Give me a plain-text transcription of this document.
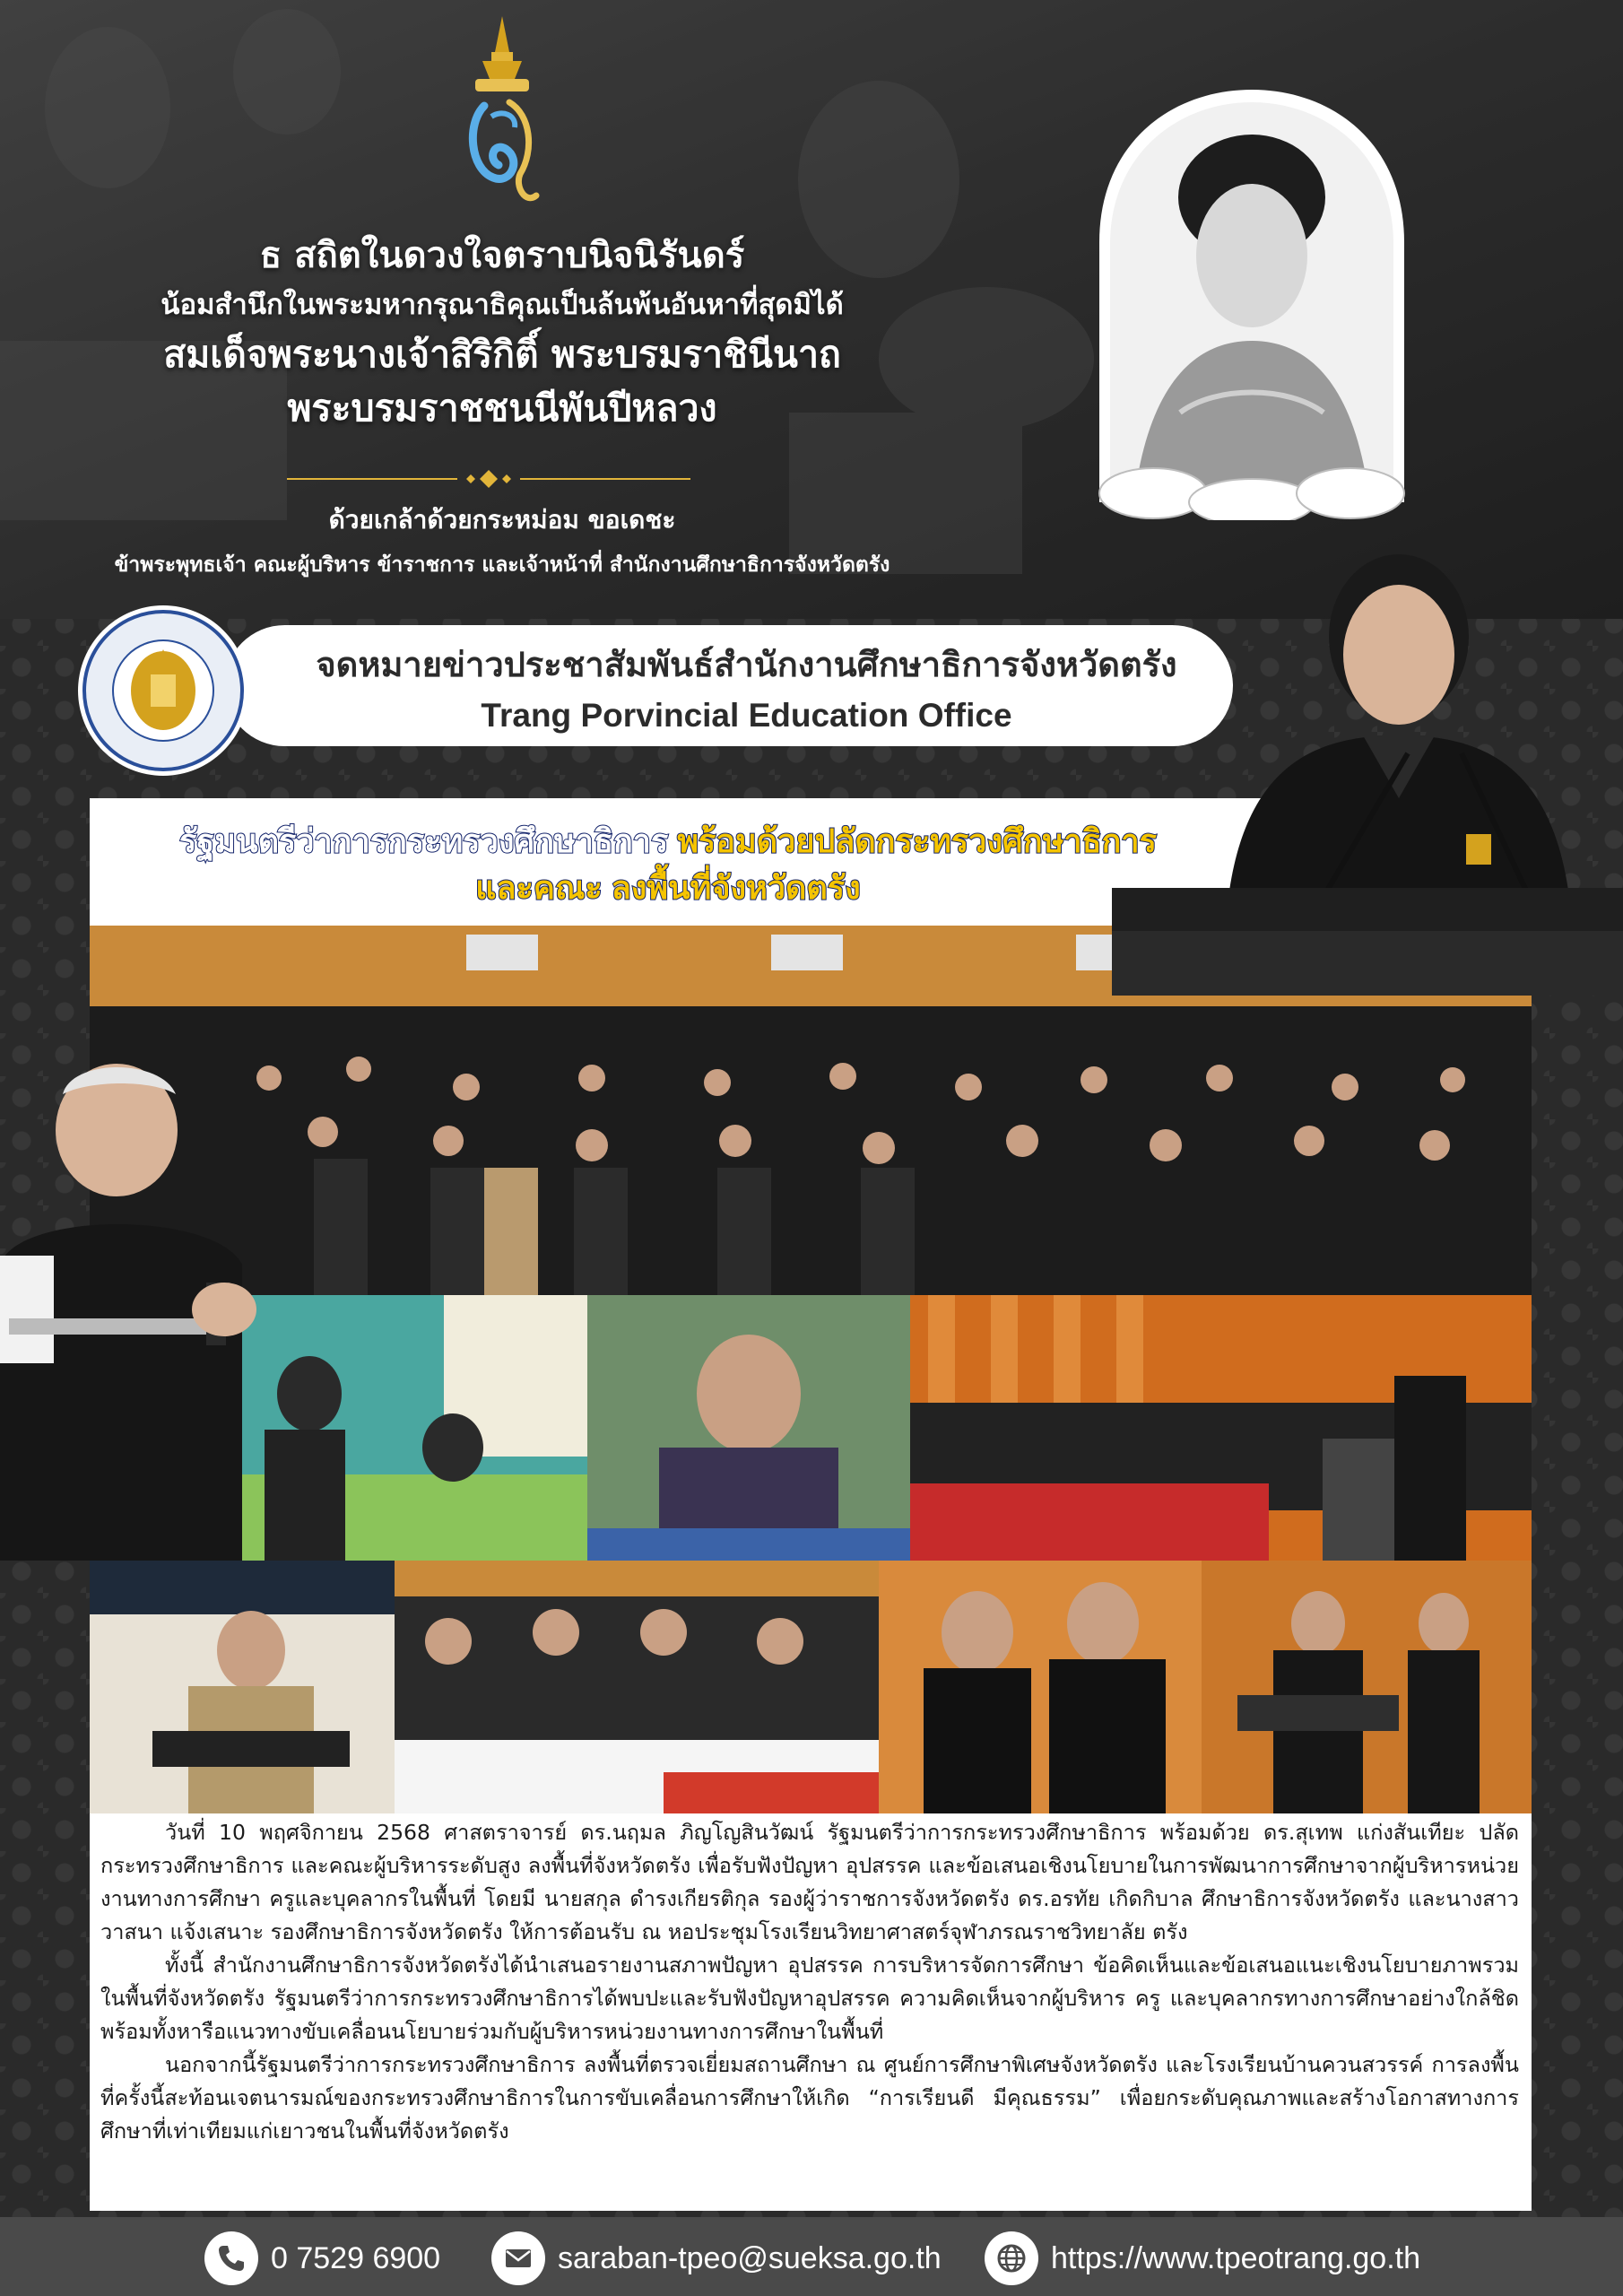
ธ สถิตในดวงใจตราบนิจนิรันดร์
น้อมสำนึกในพระมหากรุณาธิคุณเป็นล้นพ้นอันหาที่สุดมิได้
สมเด็จพระนางเจ้าสิริกิติ์ พระบรมราชินีนาถ
พระบรมราชชนนีพันปีหลวง
ด้วยเกล้าด้วยกระหม่อม ขอเดชะ
ข้าพระพุทธเจ้า คณะผู้บริหาร ข้าราชการ และเจ้าหน้าที่ สำนักงานศึกษาธิการจังหวัดตรัง
จดหมายข่าวประชาสัมพันธ์สำนักงานศึกษาธิการจังหวัดตรัง
Trang Porvincial Education Office
รัฐมนตรีว่าการกระทรวงศึกษาธิการ พร้อมด้วยปลัดกระทรวงศึกษาธิการ
และคณะ ลงพื้นที่จังหวัดตรัง

วันที่ 10 พฤศจิกายน 2568 ศาสตราจารย์ ดร.นฤมล ภิญโญสินวัฒน์ รัฐมนตรีว่าการกระทรวงศึกษาธิการ พร้อมด้วย ดร.สุเทพ แก่งสันเทียะ ปลัดกระทรวงศึกษาธิการ และคณะผู้บริหารระดับสูง ลงพื้นที่จังหวัดตรัง เพื่อรับฟังปัญหา อุปสรรค และข้อเสนอเชิงนโยบายในการพัฒนาการศึกษาจากผู้บริหารหน่วยงานทางการศึกษา ครูและบุคลากรในพื้นที่ โดยมี นายสกุล ดำรงเกียรติกุล รองผู้ว่าราชการจังหวัดตรัง ดร.อรทัย เกิดกิบาล ศึกษาธิการจังหวัดตรัง และนางสาววาสนา แจ้งเสนาะ รองศึกษาธิการจังหวัดตรัง ให้การต้อนรับ ณ หอประชุมโรงเรียนวิทยาศาสตร์จุฬาภรณราชวิทยาลัย ตรัง

ทั้งนี้ สำนักงานศึกษาธิการจังหวัดตรังได้นำเสนอรายงานสภาพปัญหา อุปสรรค การบริหารจัดการศึกษา ข้อคิดเห็นและข้อเสนอแนะเชิงนโยบายภาพรวมในพื้นที่จังหวัดตรัง รัฐมนตรีว่าการกระทรวงศึกษาธิการได้พบปะและรับฟังปัญหาอุปสรรค ความคิดเห็นจากผู้บริหาร ครู และบุคลากรทางการศึกษาอย่างใกล้ชิด พร้อมทั้งหารือแนวทางขับเคลื่อนนโยบายร่วมกับผู้บริหารหน่วยงานทางการศึกษาในพื้นที่

นอกจากนี้รัฐมนตรีว่าการกระทรวงศึกษาธิการ ลงพื้นที่ตรวจเยี่ยมสถานศึกษา ณ ศูนย์การศึกษาพิเศษจังหวัดตรัง และโรงเรียนบ้านควนสวรรค์ การลงพื้นที่ครั้งนี้สะท้อนเจตนารมณ์ของกระทรวงศึกษาธิการในการขับเคลื่อนการศึกษาให้เกิด “การเรียนดี มีคุณธรรม” เพื่อยกระดับคุณภาพและสร้างโอกาสทางการศึกษาที่เท่าเทียมแก่เยาวชนในพื้นที่จังหวัดตรัง

0 7529 6900	saraban-tpeo@sueksa.go.th	https://www.tpeotrang.go.th
